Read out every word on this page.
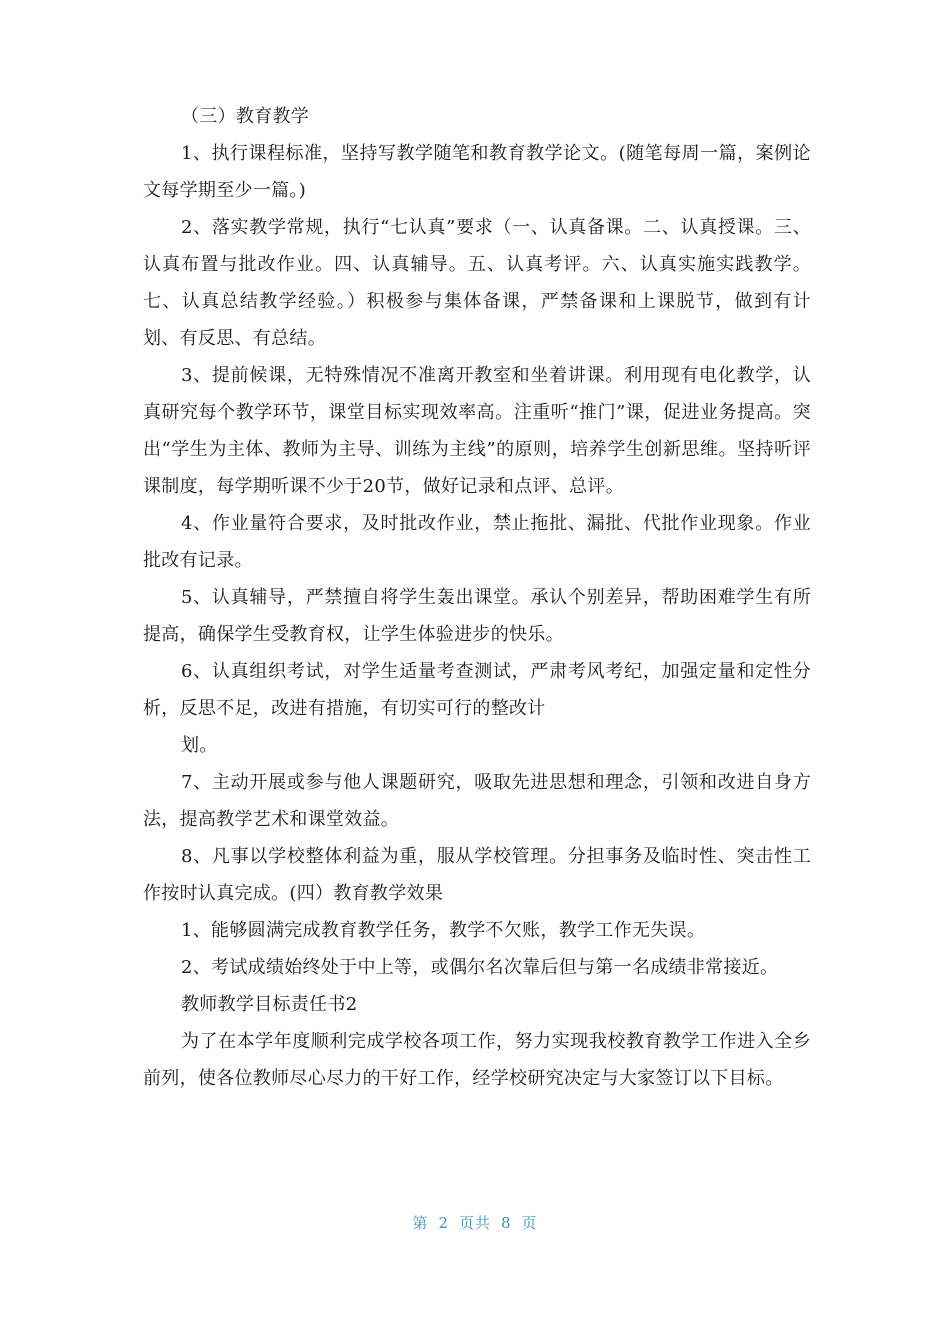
（三）教育教学

1、执行课程标准，坚持写教学随笔和教育教学论文。(随笔每周一篇，案例论文每学期至少一篇。)

2、落实教学常规，执行“七认真”要求（一、认真备课。二、认真授课。三、认真布置与批改作业。四、认真辅导。五、认真考评。六、认真实施实践教学。七、认真总结教学经验。）积极参与集体备课，严禁备课和上课脱节，做到有计划、有反思、有总结。

3、提前候课，无特殊情况不准离开教室和坐着讲课。利用现有电化教学，认真研究每个教学环节，课堂目标实现效率高。注重听“推门”课，促进业务提高。突出“学生为主体、教师为主导、训练为主线”的原则，培养学生创新思维。坚持听评课制度，每学期听课不少于20节，做好记录和点评、总评。

4、作业量符合要求，及时批改作业，禁止拖批、漏批、代批作业现象。作业批改有记录。

5、认真辅导，严禁擅自将学生轰出课堂。承认个别差异，帮助困难学生有所提高，确保学生受教育权，让学生体验进步的快乐。

6、认真组织考试，对学生适量考查测试，严肃考风考纪，加强定量和定性分析，反思不足，改进有措施，有切实可行的整改计

划。

7、主动开展或参与他人课题研究，吸取先进思想和理念，引领和改进自身方法，提高教学艺术和课堂效益。

8、凡事以学校整体利益为重，服从学校管理。分担事务及临时性、突击性工作按时认真完成。(四）教育教学效果

1、能够圆满完成教育教学任务，教学不欠账，教学工作无失误。

2、考试成绩始终处于中上等，或偶尔名次靠后但与第一名成绩非常接近。

教师教学目标责任书2

为了在本学年度顺利完成学校各项工作，努力实现我校教育教学工作进入全乡前列，使各位教师尽心尽力的干好工作，经学校研究决定与大家签订以下目标。

第 2 页共 8 页
